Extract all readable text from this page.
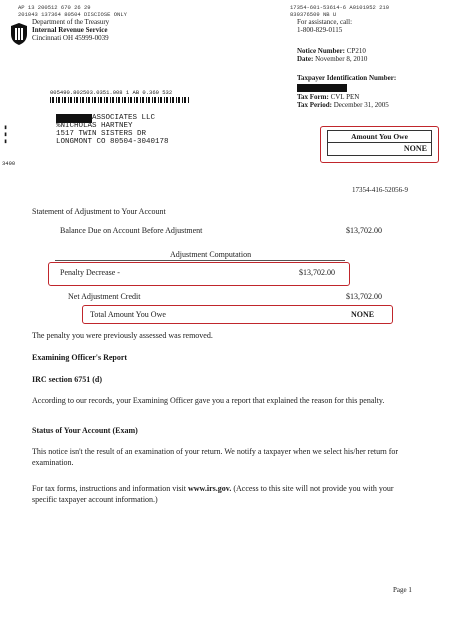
AP 13 200512 670 26 29
201043 137364 80504 DISCIOSE ONLY
17354-601-53614-6 A0101952 210
830376509 NB U
Department of the Treasury
Internal Revenue Service
Cincinnati OH 45999-0039
For assistance, call:
1-800-829-0115
Notice Number: CP210
Date: November 8, 2010
Taxpayer Identification Number:
Tax Form: CVL PEN
Tax Period: December 31, 2005
005490.802503.0351.008 1 AB 0.360 532
ASSOCIATES LLC
%NICHOLAS HARTNEY
1517 TWIN SISTERS DR
LONGMONT CO 80504-3040178
▮▮▮
3490
Amount You Owe
NONE
17354-416-52056-9
Statement of Adjustment to Your Account
Balance Due on Account Before Adjustment	$13,702.00
Adjustment Computation
Penalty Decrease -	$13,702.00
Net Adjustment Credit	$13,702.00
Total Amount You Owe	NONE
The penalty you were previously assessed was removed.
Examining Officer's Report
IRC section 6751 (d)
According to our records, your Examining Officer gave you a report that explained the reason for this penalty.
Status of Your Account (Exam)
This notice isn't the result of an examination of your return. We notify a taxpayer when we select his/her return for examination.
For tax forms, instructions and information visit www.irs.gov. (Access to this site will not provide you with your specific taxpayer account information.)
Page 1
